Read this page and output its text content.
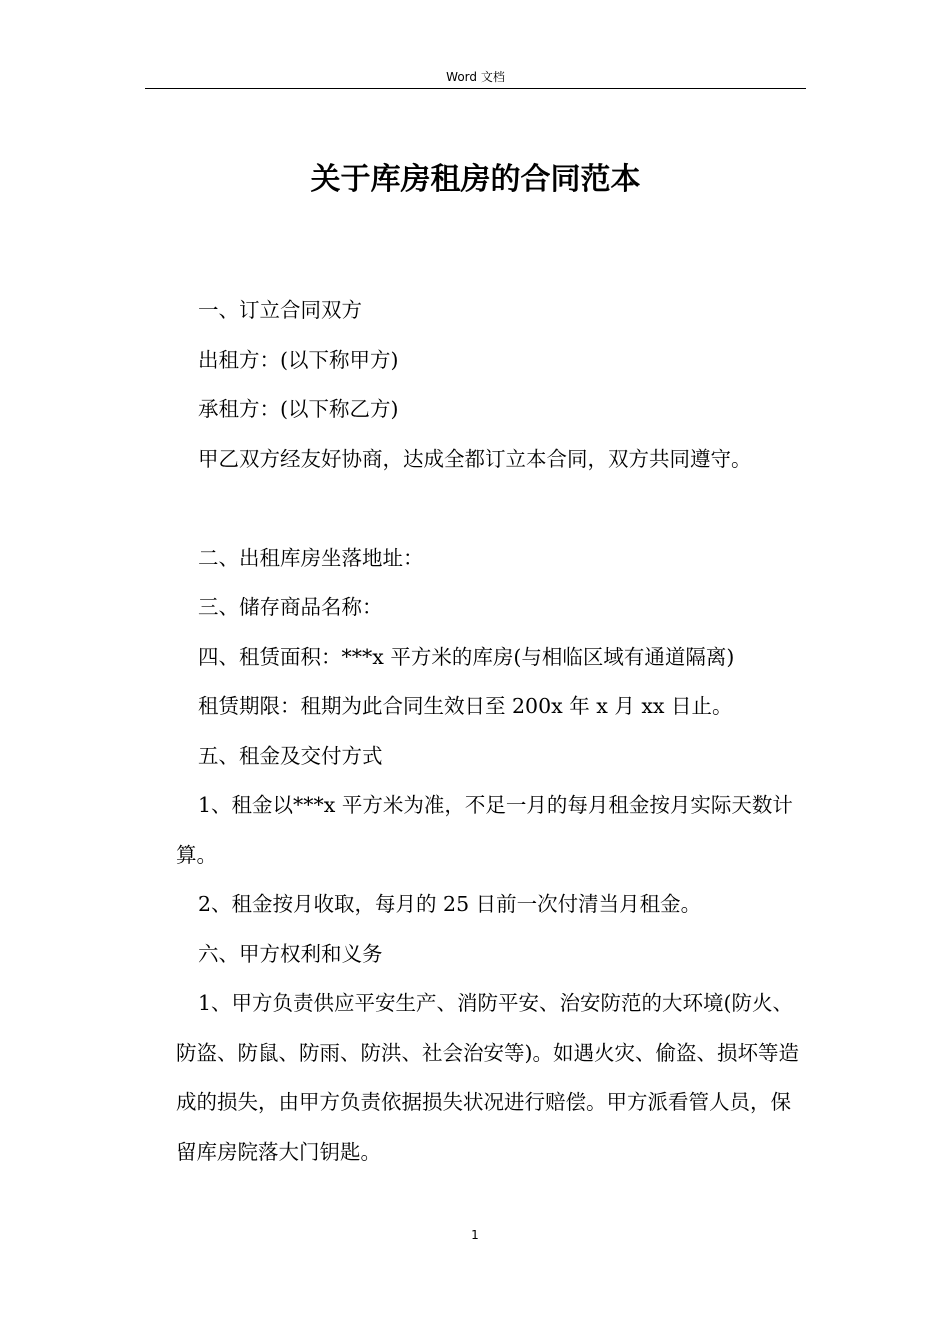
Word 文档
关于库房租房的合同范本

一、订立合同双方

出租方：(以下称甲方)

承租方：(以下称乙方)

甲乙双方经友好协商，达成全都订立本合同，双方共同遵守。

二、出租库房坐落地址：

三、储存商品名称：

四、租赁面积：***x 平方米的库房(与相临区域有通道隔离)

租赁期限：租期为此合同生效日至 200x 年 x 月 xx 日止。

五、租金及交付方式

1、租金以***x 平方米为准，不足一月的每月租金按月实际天数计算。

2、租金按月收取，每月的 25 日前一次付清当月租金。

六、甲方权利和义务

1、甲方负责供应平安生产、消防平安、治安防范的大环境(防火、防盗、防鼠、防雨、防洪、社会治安等)。如遇火灾、偷盗、损坏等造成的损失，由甲方负责依据损失状况进行赔偿。甲方派看管人员，保留库房院落大门钥匙。

1
